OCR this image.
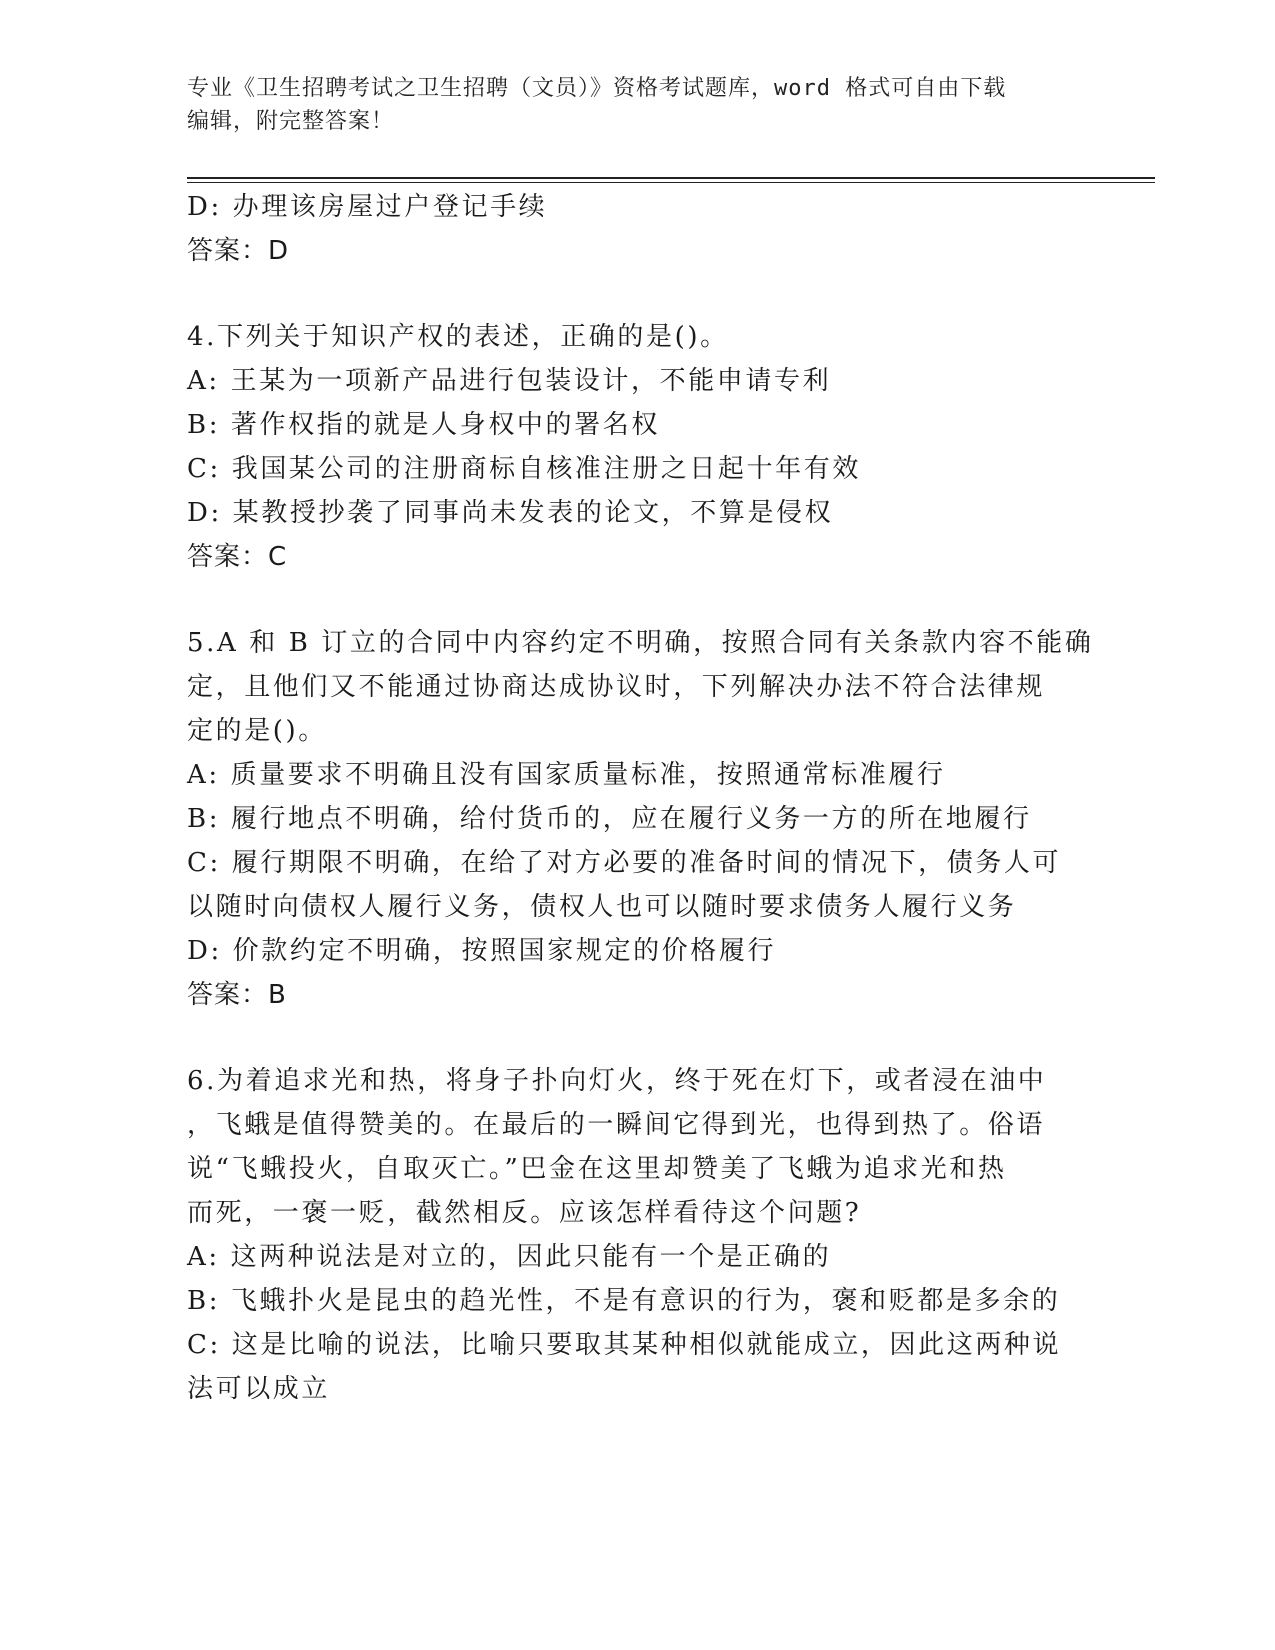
专业《卫生招聘考试之卫生招聘（文员）》资格考试题库，word 格式可自由下载
编辑，附完整答案！
D: 办理该房屋过户登记手续
答案：D
4.下列关于知识产权的表述，正确的是()。
A: 王某为一项新产品进行包装设计，不能申请专利
B: 著作权指的就是人身权中的署名权
C: 我国某公司的注册商标自核准注册之日起十年有效
D: 某教授抄袭了同事尚未发表的论文，不算是侵权
答案：C
5.A 和 B 订立的合同中内容约定不明确，按照合同有关条款内容不能确
定，且他们又不能通过协商达成协议时，下列解决办法不符合法律规
定的是()。
A: 质量要求不明确且没有国家质量标准，按照通常标准履行
B: 履行地点不明确，给付货币的，应在履行义务一方的所在地履行
C: 履行期限不明确，在给了对方必要的准备时间的情况下，债务人可
以随时向债权人履行义务，债权人也可以随时要求债务人履行义务
D: 价款约定不明确，按照国家规定的价格履行
答案：B
6.为着追求光和热，将身子扑向灯火，终于死在灯下，或者浸在油中
，飞蛾是值得赞美的。在最后的一瞬间它得到光，也得到热了。俗语
说“飞蛾投火，自取灭亡。”巴金在这里却赞美了飞蛾为追求光和热
而死，一褒一贬，截然相反。应该怎样看待这个问题?
A: 这两种说法是对立的，因此只能有一个是正确的
B: 飞蛾扑火是昆虫的趋光性，不是有意识的行为，褒和贬都是多余的
C: 这是比喻的说法，比喻只要取其某种相似就能成立，因此这两种说
法可以成立
